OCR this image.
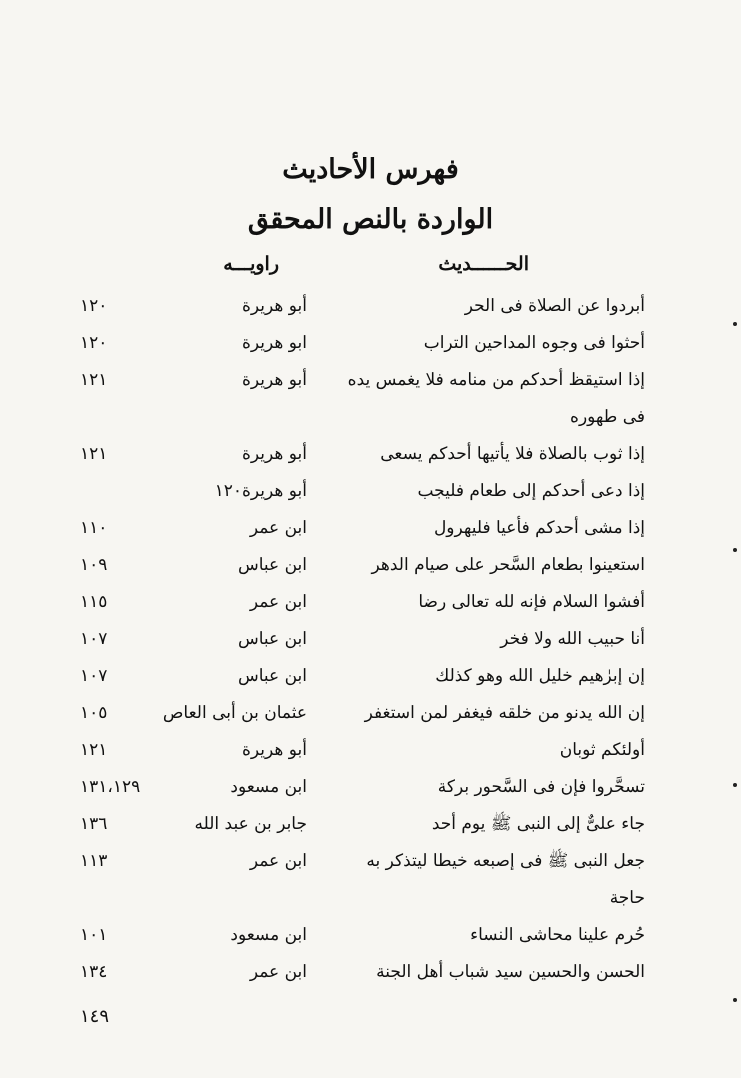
فهرس الأحاديث
الواردة بالنص المحقق
الحــــــديث
راويـــه
أبردوا عن الصلاة فى الحر
أبو هريرة
١٢٠
أحثوا فى وجوه المداحين التراب
ابو هريرة
١٢٠
إذا استيقظ أحدكم من منامه فلا يغمس يده
أبو هريرة
١٢١
فى طهوره
إذا ثوب بالصلاة فلا يأتيها أحدكم يسعى
أبو هريرة
١٢١
إذا دعى أحدكم إلى طعام فليجب
أبو هريرة١٢٠
إذا مشى أحدكم فأعيا فليهرول
ابن عمر
١١٠
استعينوا بطعام السَّحر على صيام الدهر
ابن عباس
١٠٩
أفشوا السلام فإنه لله تعالى رضا
ابن عمر
١١٥
أنا حبيب الله ولا فخر
ابن عباس
١٠٧
إن إبرٰهيم خليل الله وهو كذلك
ابن عباس
١٠٧
إن الله يدنو من خلقه فيغفر لمن استغفر
عثمان بن أبى العاص
١٠٥
أولئكم ثوبان
أبو هريرة
١٢١
تسحَّروا فإن فى السَّحور بركة
ابن مسعود
١٣١،١٢٩
جاء علىٌّ إلى النبى ﷺ يوم أحد
جابر بن عبد الله
١٣٦
جعل النبى ﷺ فى إصبعه خيطا ليتذكر به
ابن عمر
١١٣
حاجة
حُرم علينا محاشى النساء
ابن مسعود
١٠١
الحسن والحسين سيد شباب أهل الجنة
ابن عمر
١٣٤
١٤٩
